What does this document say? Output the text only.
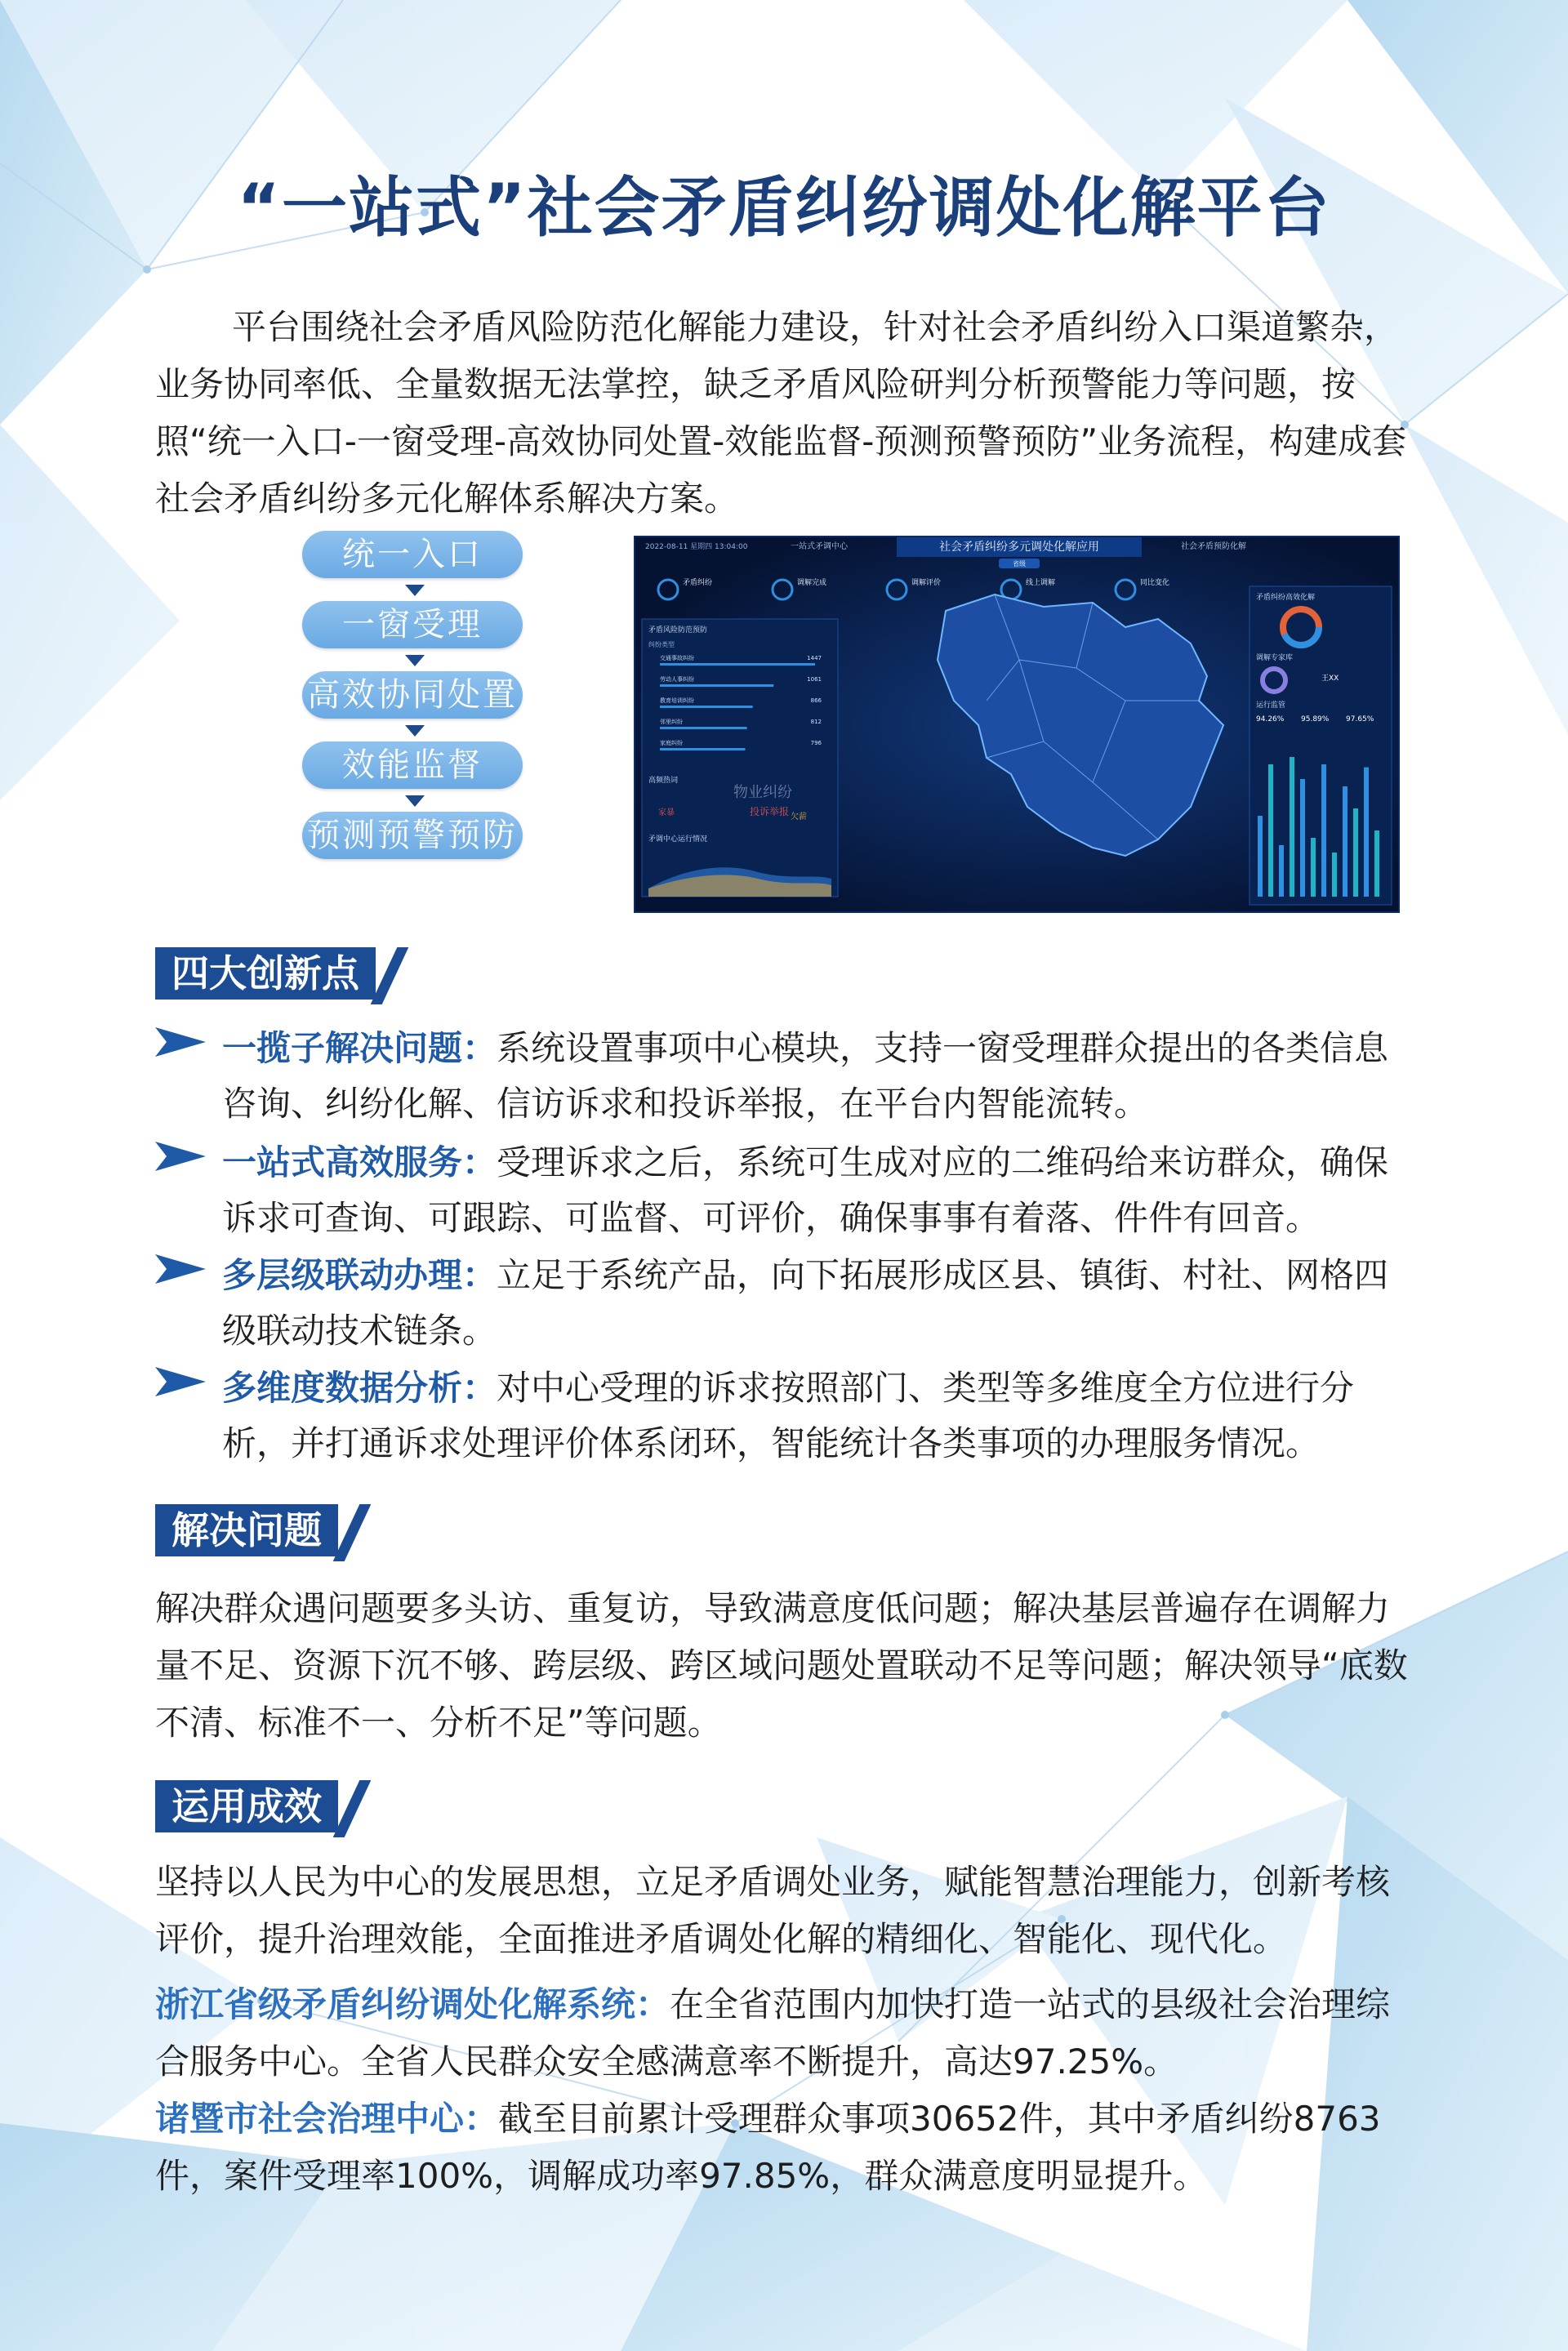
“一站式”社会矛盾纠纷调处化解平台
平台围绕社会矛盾风险防范化解能力建设，针对社会矛盾纠纷入口渠道繁杂，业务协同率低、全量数据无法掌控，缺乏矛盾风险研判分析预警能力等问题，按照“统一入口-一窗受理-高效协同处置-效能监督-预测预警预防”业务流程，构建成套社会矛盾纠纷多元化解体系解决方案。
统一入口
一窗受理
高效协同处置
效能监督
预测预警预防
社会矛盾纠纷多元调处化解应用
2022-08-11 星期四 13:04:00	一站式矛调中心	社会矛盾预防化解
省级
矛盾纠纷	调解完成	调解评价	线上调解	同比变化
矛盾风险防范预防
纠纷类型
交通事故纠纷	1447
劳动人事纠纷	1061
教育培训纠纷	866
邻里纠纷	812
家庭纠纷	796
高频热词
物业纠纷
投诉举报
家暴	欠薪
矛调中心运行情况
矛盾纠纷高效化解
调解专家库
王XX
运行监管
94.26% 95.89% 97.65%
四大创新点
一揽子解决问题：系统设置事项中心模块，支持一窗受理群众提出的各类信息咨询、纠纷化解、信访诉求和投诉举报，在平台内智能流转。
一站式高效服务：受理诉求之后，系统可生成对应的二维码给来访群众，确保诉求可查询、可跟踪、可监督、可评价，确保事事有着落、件件有回音。
多层级联动办理：立足于系统产品，向下拓展形成区县、镇街、村社、网格四级联动技术链条。
多维度数据分析：对中心受理的诉求按照部门、类型等多维度全方位进行分析，并打通诉求处理评价体系闭环，智能统计各类事项的办理服务情况。
解决问题
解决群众遇问题要多头访、重复访，导致满意度低问题；解决基层普遍存在调解力量不足、资源下沉不够、跨层级、跨区域问题处置联动不足等问题；解决领导“底数不清、标准不一、分析不足”等问题。
运用成效
坚持以人民为中心的发展思想，立足矛盾调处业务，赋能智慧治理能力，创新考核评价，提升治理效能，全面推进矛盾调处化解的精细化、智能化、现代化。
浙江省级矛盾纠纷调处化解系统：在全省范围内加快打造一站式的县级社会治理综合服务中心。全省人民群众安全感满意率不断提升，高达97.25%。
诸暨市社会治理中心：截至目前累计受理群众事项30652件，其中矛盾纠纷8763件，案件受理率100%，调解成功率97.85%，群众满意度明显提升。
